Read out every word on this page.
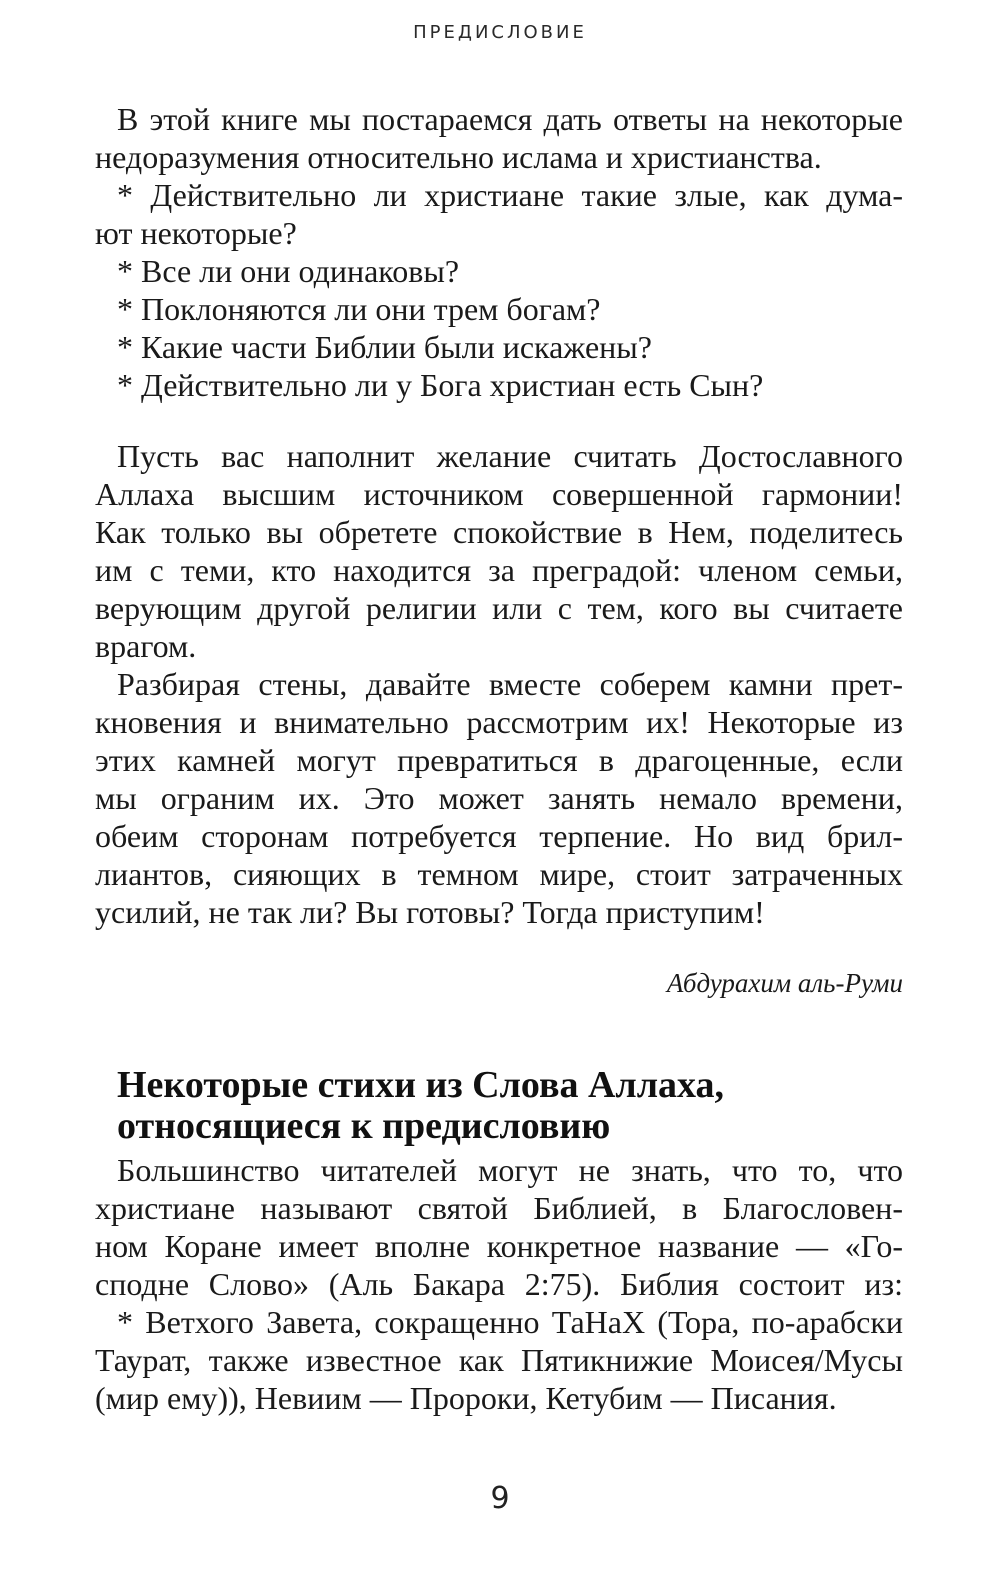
ПРЕДИСЛОВИЕ
В этой книге мы постараемся дать ответы на некоторые
недоразумения относительно ислама и христианства.
* Действительно ли христиане такие злые, как дума-
ют некоторые?
* Все ли они одинаковы?
* Поклоняются ли они трем богам?
* Какие части Библии были искажены?
* Действительно ли у Бога христиан есть Сын?
Пусть вас наполнит желание считать Достославного
Аллаха высшим источником совершенной гармонии!
Как только вы обретете спокойствие в Нем, поделитесь
им с теми, кто находится за преградой: членом семьи,
верующим другой религии или с тем, кого вы считаете
врагом.
Разбирая стены, давайте вместе соберем камни прет-
кновения и внимательно рассмотрим их! Некоторые из
этих камней могут превратиться в драгоценные, если
мы ограним их. Это может занять немало времени,
обеим сторонам потребуется терпение. Но вид брил-
лиантов, сияющих в темном мире, стоит затраченных
усилий, не так ли? Вы готовы? Тогда приступим!
Абдурахим аль-Руми
Некоторые стихи из Слова Аллаха,
относящиеся к предисловию
Большинство читателей могут не знать, что то, что
христиане называют святой Библией, в Благословен-
ном Коране имеет вполне конкретное название — «Го-
сподне Слово» (Аль Бакара 2:75). Библия состоит из:
* Ветхого Завета, сокращенно ТаНаХ (Тора, по-арабски
Таурат, также известное как Пятикнижие Моисея/Мусы
(мир ему)), Невиим — Пророки, Кетубим — Писания.
9
